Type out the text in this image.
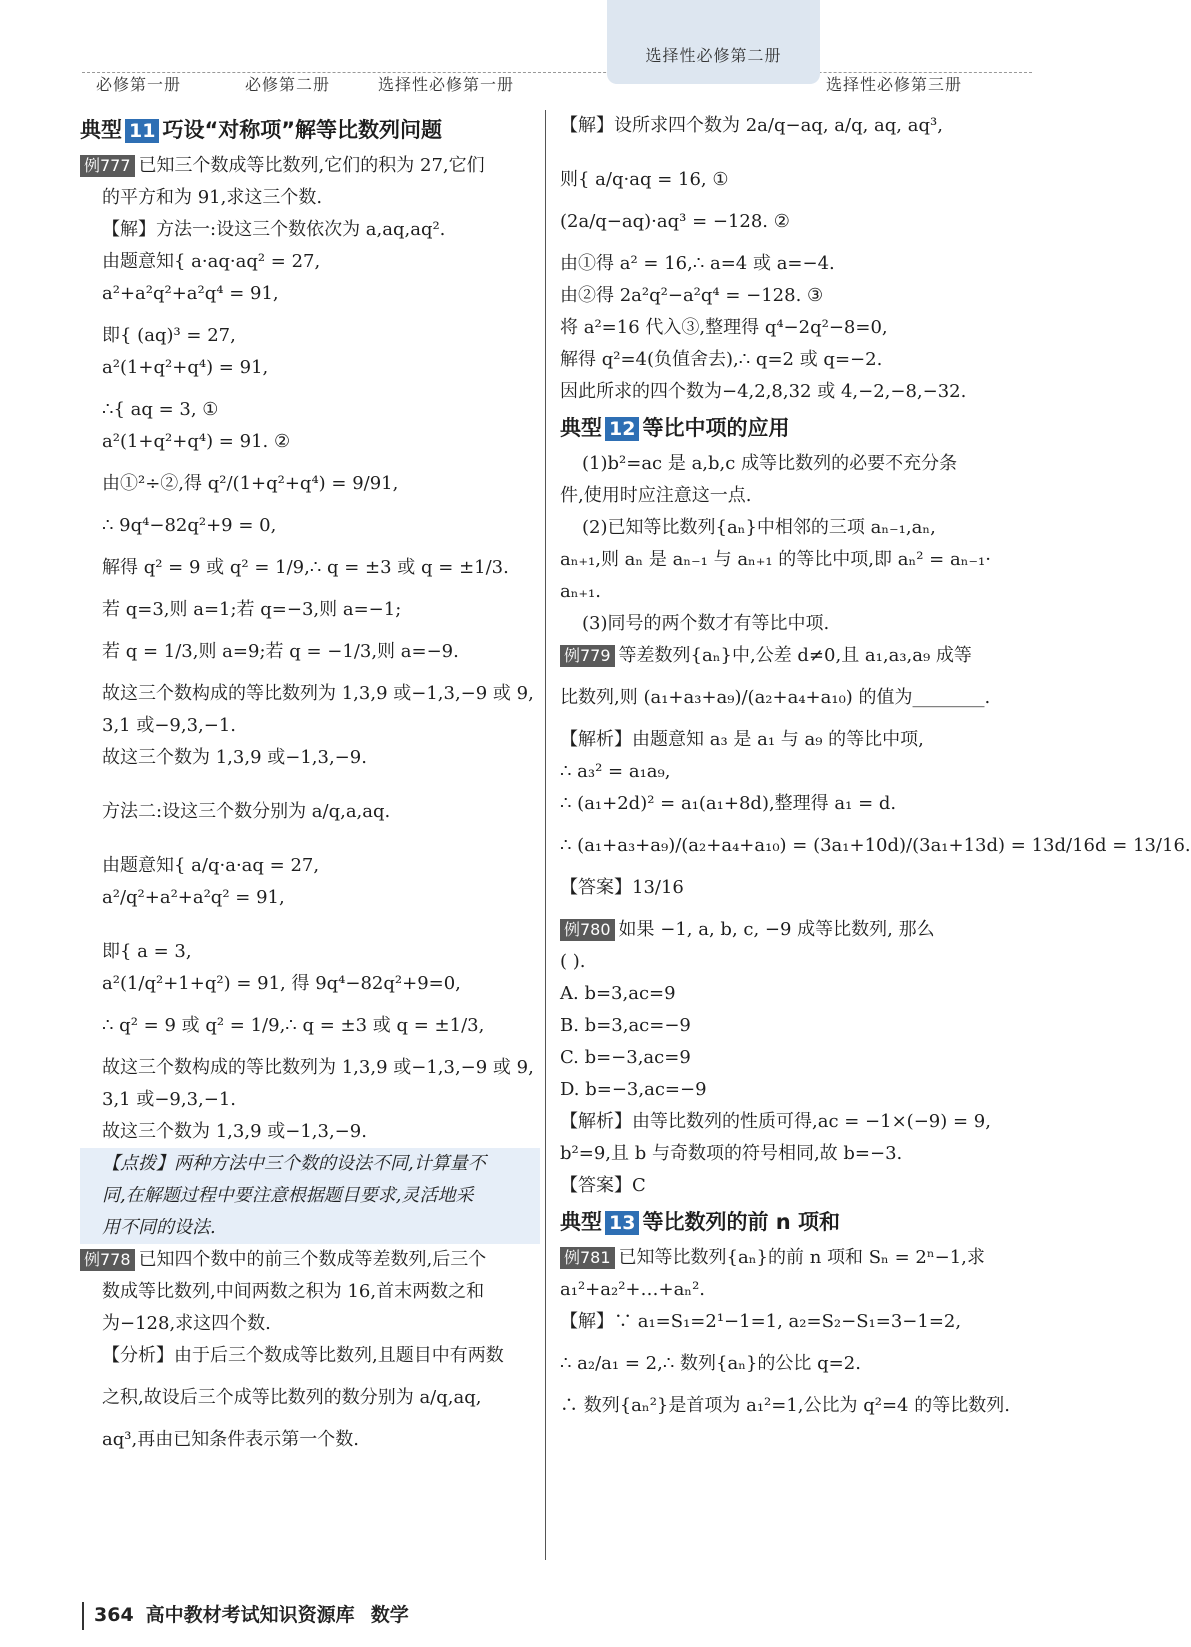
必修第一册	必修第二册	选择性必修第一册
选择性必修第二册
选择性必修第三册
典型 11 巧设“对称项”解等比数列问题
例777 已知三个数成等比数列,它们的积为 27,它们
的平方和为 91,求这三个数.
【解】方法一:设这三个数依次为 a,aq,aq².
由题意知{ a·aq·aq² = 27,
a²+a²q²+a²q⁴ = 91,
即{ (aq)³ = 27,
a²(1+q²+q⁴) = 91,
∴{ aq = 3, ①
a²(1+q²+q⁴) = 91. ②
由①²÷②,得 q²/(1+q²+q⁴) = 9/91,
∴ 9q⁴−82q²+9 = 0,
解得 q² = 9 或 q² = 1/9,∴ q = ±3 或 q = ±1/3.
若 q=3,则 a=1;若 q=−3,则 a=−1;
若 q = 1/3,则 a=9;若 q = −1/3,则 a=−9.
故这三个数构成的等比数列为 1,3,9 或−1,3,−9 或 9,
3,1 或−9,3,−1.
故这三个数为 1,3,9 或−1,3,−9.
方法二:设这三个数分别为 a/q,a,aq.
由题意知{ a/q·a·aq = 27,
a²/q²+a²+a²q² = 91,
即{ a = 3,
a²(1/q²+1+q²) = 91, 得 9q⁴−82q²+9=0,
∴ q² = 9 或 q² = 1/9,∴ q = ±3 或 q = ±1/3,
故这三个数构成的等比数列为 1,3,9 或−1,3,−9 或 9,
3,1 或−9,3,−1.
故这三个数为 1,3,9 或−1,3,−9.
【点拨】两种方法中三个数的设法不同,计算量不
同,在解题过程中要注意根据题目要求,灵活地采
用不同的设法.
例778 已知四个数中的前三个数成等差数列,后三个
数成等比数列,中间两数之积为 16,首末两数之和
为−128,求这四个数.
【分析】由于后三个数成等比数列,且题目中有两数
之积,故设后三个成等比数列的数分别为 a/q,aq,
aq³,再由已知条件表示第一个数.
【解】设所求四个数为 2a/q−aq, a/q, aq, aq³,
则{ a/q·aq = 16, ①
(2a/q−aq)·aq³ = −128. ②
由①得 a² = 16,∴ a=4 或 a=−4.
由②得 2a²q²−a²q⁴ = −128. ③
将 a²=16 代入③,整理得 q⁴−2q²−8=0,
解得 q²=4(负值舍去),∴ q=2 或 q=−2.
因此所求的四个数为−4,2,8,32 或 4,−2,−8,−32.
典型 12 等比中项的应用
(1)b²=ac 是 a,b,c 成等比数列的必要不充分条
件,使用时应注意这一点.
(2)已知等比数列{aₙ}中相邻的三项 aₙ₋₁,aₙ,
aₙ₊₁,则 aₙ 是 aₙ₋₁ 与 aₙ₊₁ 的等比中项,即 aₙ² = aₙ₋₁·
aₙ₊₁.
(3)同号的两个数才有等比中项.
例779 等差数列{aₙ}中,公差 d≠0,且 a₁,a₃,a₉ 成等
比数列,则 (a₁+a₃+a₉)/(a₂+a₄+a₁₀) 的值为________.
【解析】由题意知 a₃ 是 a₁ 与 a₉ 的等比中项,
∴ a₃² = a₁a₉,
∴ (a₁+2d)² = a₁(a₁+8d),整理得 a₁ = d.
∴ (a₁+a₃+a₉)/(a₂+a₄+a₁₀) = (3a₁+10d)/(3a₁+13d) = 13d/16d = 13/16.
【答案】13/16
例780 如果 −1, a, b, c, −9 成等比数列, 那么
( ).
A. b=3,ac=9
B. b=3,ac=−9
C. b=−3,ac=9
D. b=−3,ac=−9
【解析】由等比数列的性质可得,ac = −1×(−9) = 9,
b²=9,且 b 与奇数项的符号相同,故 b=−3.
【答案】C
典型 13 等比数列的前 n 项和
例781 已知等比数列{aₙ}的前 n 项和 Sₙ = 2ⁿ−1,求
a₁²+a₂²+…+aₙ².
【解】∵ a₁=S₁=2¹−1=1, a₂=S₂−S₁=3−1=2,
∴ a₂/a₁ = 2,∴ 数列{aₙ}的公比 q=2.
∴ 数列{aₙ²}是首项为 a₁²=1,公比为 q²=4 的等比数列.
364 高中教材考试知识资源库 数学
